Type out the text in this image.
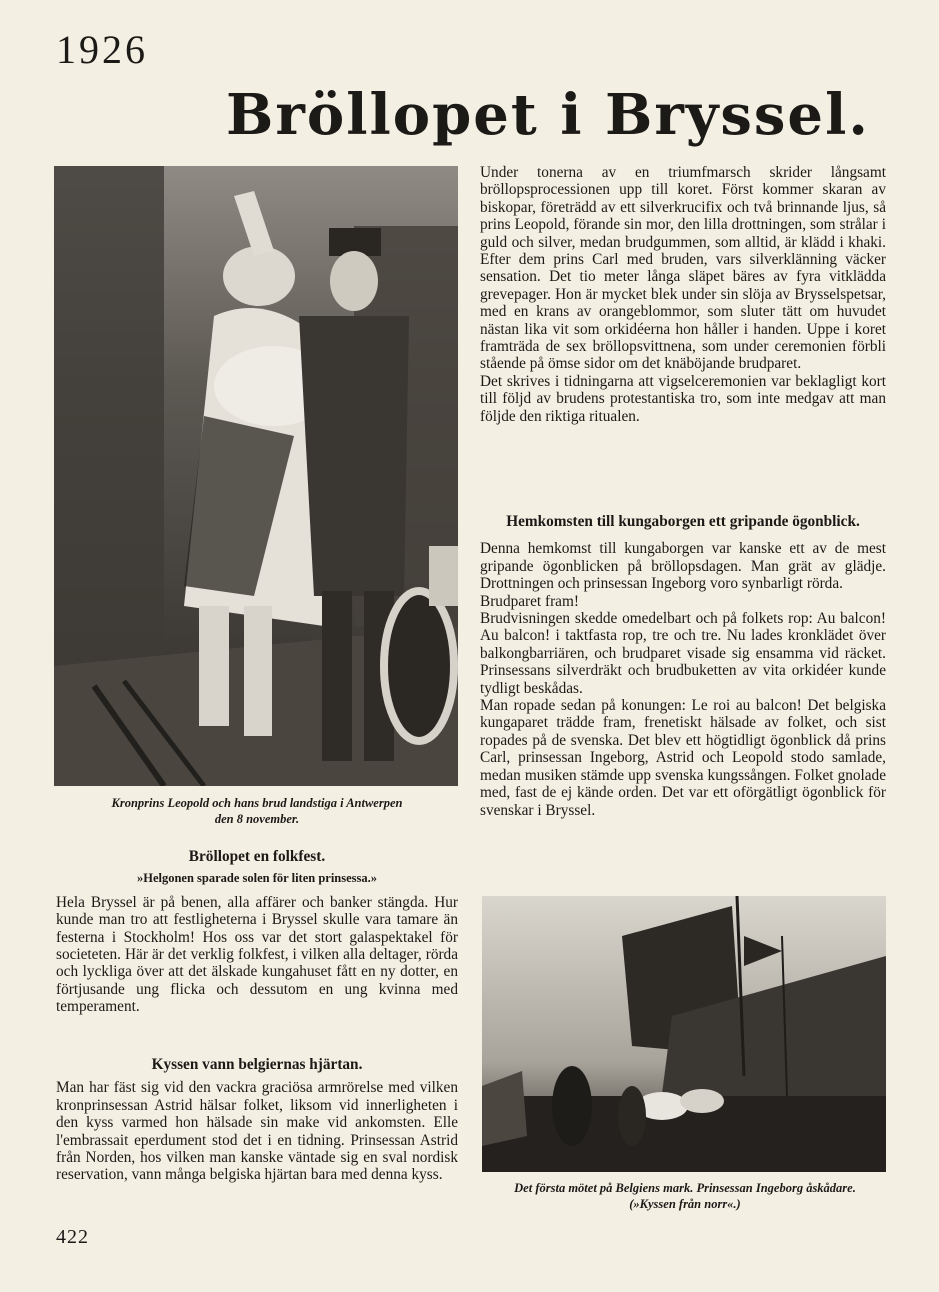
1926
Bröllopet i Bryssel.
Kronprins Leopold och hans brud landstiga i Antwerpen
den 8 november.
Bröllopet en folkfest.
»Helgonen sparade solen för liten prinsessa.»

Hela Bryssel är på benen, alla affärer och banker stängda. Hur kunde man tro att festligheterna i Bryssel skulle vara tamare än festerna i Stockholm! Hos oss var det stort galaspektakel för societeten. Här är det verklig folkfest, i vilken alla deltager, rörda och lyckliga över att det älskade kungahuset fått en ny dotter, en förtjusande ung flicka och dessutom en ung kvinna med temperament.

Kyssen vann belgiernas hjärtan.

Man har fäst sig vid den vackra graciösa armrörelse med vilken kronprinsessan Astrid hälsar folket, liksom vid innerligheten i den kyss varmed hon hälsade sin make vid ankomsten. Elle l'embrassait eperdument stod det i en tidning. Prinsessan Astrid från Norden, hos vilken man kanske väntade sig en sval nordisk reservation, vann många belgiska hjärtan bara med denna kyss.

Under tonerna av en triumfmarsch skrider långsamt bröllopsprocessionen upp till koret. Först kommer skaran av biskopar, företrädd av ett silverkrucifix och två brinnande ljus, så prins Leopold, förande sin mor, den lilla drottningen, som strålar i guld och silver, medan brudgummen, som alltid, är klädd i khaki. Efter dem prins Carl med bruden, vars silverklänning väcker sensation. Det tio meter långa släpet bäres av fyra vitklädda grevepager. Hon är mycket blek under sin slöja av Brysselspetsar, med en krans av orangeblommor, som sluter tätt om huvudet nästan lika vit som orkidéerna hon håller i handen. Uppe i koret framträda de sex bröllopsvittnena, som under ceremonien förbli stående på ömse sidor om det knäböjande brudparet.

Det skrives i tidningarna att vigselceremonien var beklagligt kort till följd av brudens protestantiska tro, som inte medgav att man följde den riktiga ritualen.

Hemkomsten till kungaborgen ett gripande ögonblick.

Denna hemkomst till kungaborgen var kanske ett av de mest gripande ögonblicken på bröllopsdagen. Man grät av glädje. Drottningen och prinsessan Ingeborg voro synbarligt rörda.

Brudparet fram!

Brudvisningen skedde omedelbart och på folkets rop: Au balcon! Au balcon! i taktfasta rop, tre och tre. Nu lades kronklädet över balkongbarriären, och brudparet visade sig ensamma vid räcket. Prinsessans silverdräkt och brudbuketten av vita orkidéer kunde tydligt beskådas.

Man ropade sedan på konungen: Le roi au balcon! Det belgiska kungaparet trädde fram, frenetiskt hälsade av folket, och sist ropades på de svenska. Det blev ett högtidligt ögonblick då prins Carl, prinsessan Ingeborg, Astrid och Leopold stodo samlade, medan musiken stämde upp svenska kungssången. Folket gnolade med, fast de ej kände orden. Det var ett oförgätligt ögonblick för svenskar i Bryssel.

Det första mötet på Belgiens mark. Prinsessan Ingeborg åskådare.
(»Kyssen från norr«.)
422
